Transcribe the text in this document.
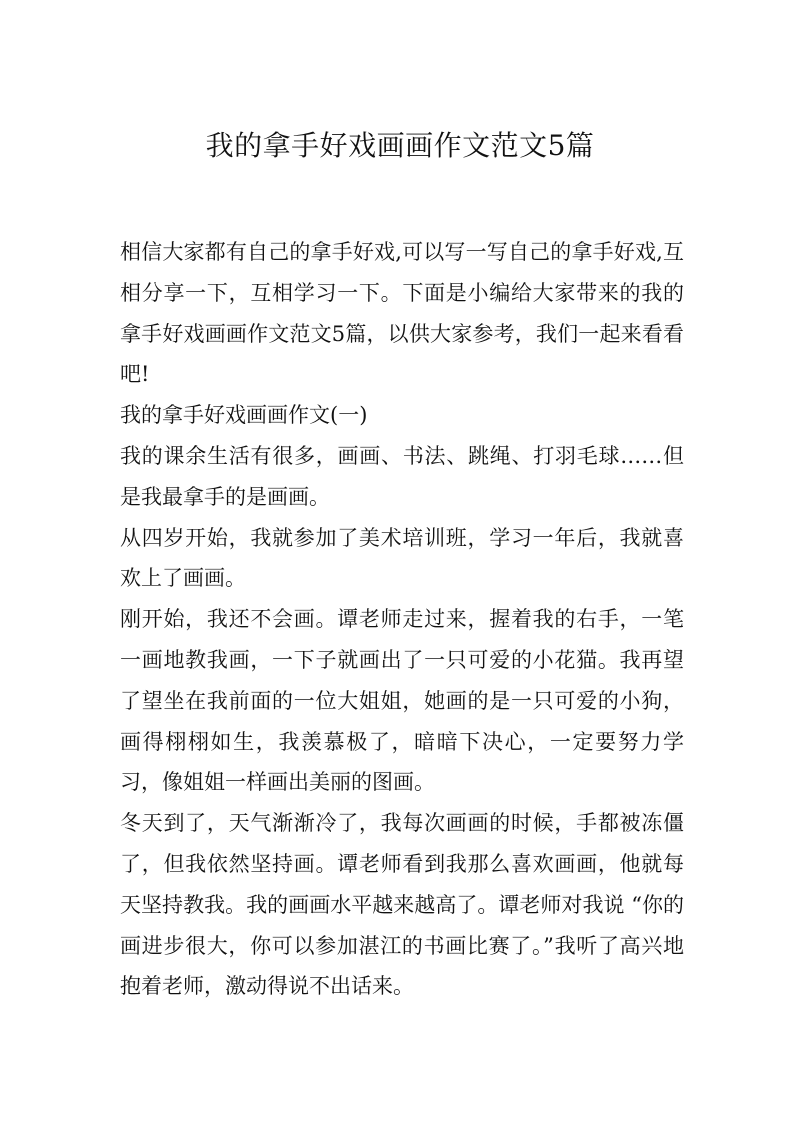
我的拿手好戏画画作文范文5篇

相信大家都有自己的拿手好戏,可以写一写自己的拿手好戏,互相分享一下，互相学习一下。下面是小编给大家带来的我的拿手好戏画画作文范文5篇，以供大家参考，我们一起来看看吧!

我的拿手好戏画画作文(一)

我的课余生活有很多，画画、书法、跳绳、打羽毛球……但是我最拿手的是画画。

从四岁开始，我就参加了美术培训班，学习一年后，我就喜欢上了画画。

刚开始，我还不会画。谭老师走过来，握着我的右手，一笔一画地教我画，一下子就画出了一只可爱的小花猫。我再望了望坐在我前面的一位大姐姐，她画的是一只可爱的小狗，画得栩栩如生，我羡慕极了，暗暗下决心，一定要努力学习，像姐姐一样画出美丽的图画。

冬天到了，天气渐渐冷了，我每次画画的时候，手都被冻僵了，但我依然坚持画。谭老师看到我那么喜欢画画，他就每天坚持教我。我的画画水平越来越高了。谭老师对我说 “你的画进步很大，你可以参加湛江的书画比赛了。”我听了高兴地抱着老师，激动得说不出话来。
